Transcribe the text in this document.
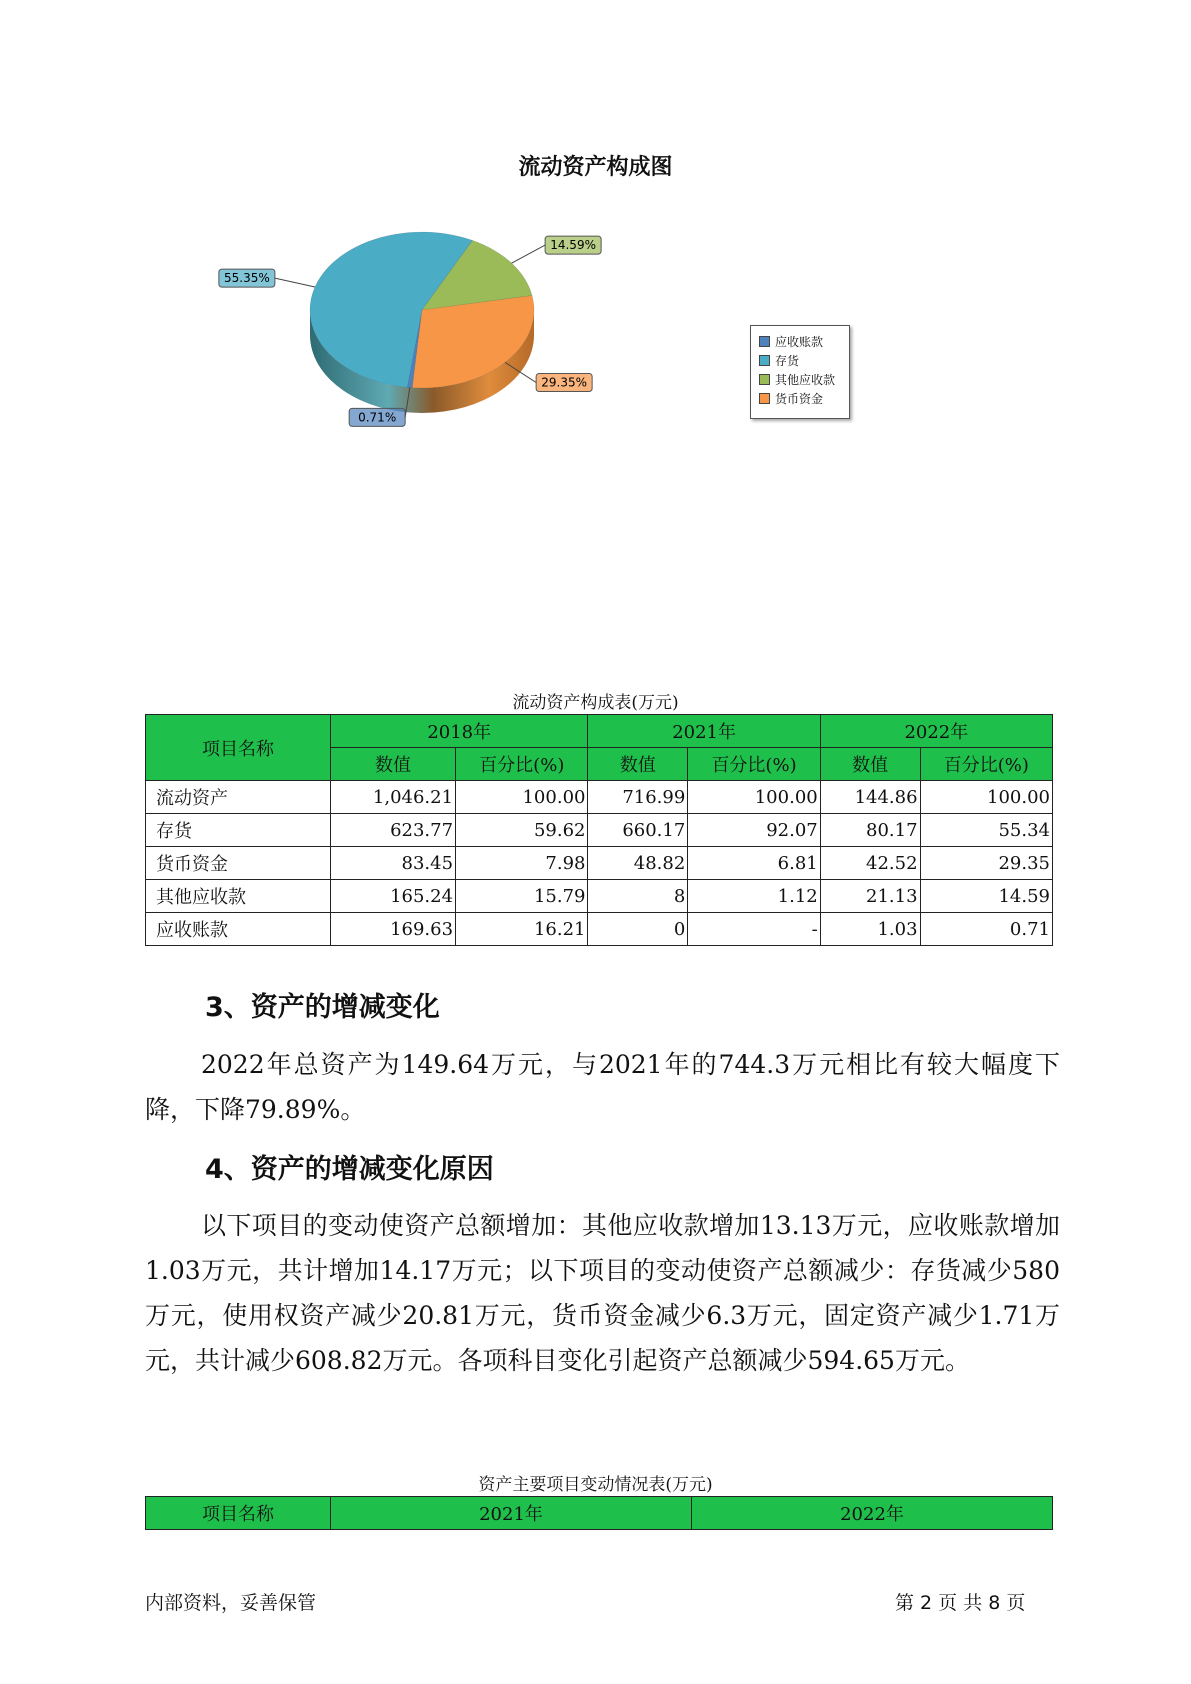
流动资产构成图
0.71%
55.35%
14.59%
29.35%
应收账款
存货
其他应收款
货币资金
流动资产构成表(万元)
项目名称	2018年		2021年		2022年	
	数值	百分比(%)	数值	百分比(%)	数值	百分比(%)
流动资产	1,046.21	100.00	716.99	100.00	144.86	100.00
存货	623.77	59.62	660.17	92.07	80.17	55.34
货币资金	83.45	7.98	48.82	6.81	42.52	29.35
其他应收款	165.24	15.79	8	1.12	21.13	14.59
应收账款	169.63	16.21	0	-	1.03	0.71
3、资产的增减变化
2022年总资产为149.64万元，与2021年的744.3万元相比有较大幅度下降，下降79.89%。
4、资产的增减变化原因
以下项目的变动使资产总额增加：其他应收款增加13.13万元，应收账款增加1.03万元，共计增加14.17万元；以下项目的变动使资产总额减少：存货减少580万元，使用权资产减少20.81万元，货币资金减少6.3万元，固定资产减少1.71万元，共计减少608.82万元。各项科目变化引起资产总额减少594.65万元。
资产主要项目变动情况表(万元)
项目名称	2021年	2022年
内部资料，妥善保管	第 2 页 共 8 页
